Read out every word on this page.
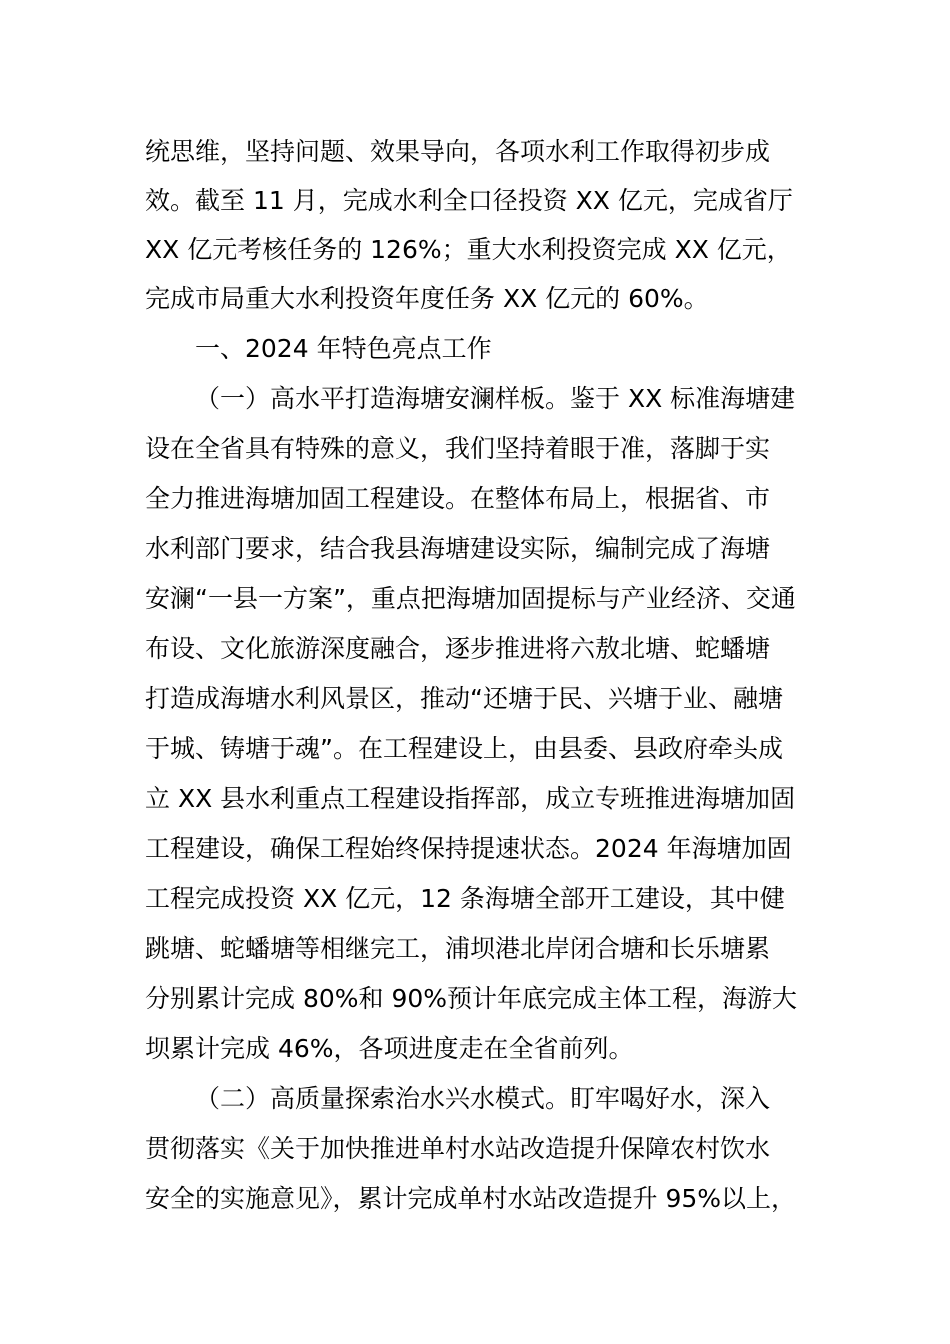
统思维，坚持问题、效果导向，各项水利工作取得初步成
效。截至 11 月，完成水利全口径投资 XX 亿元，完成省厅
XX 亿元考核任务的 126%；重大水利投资完成 XX 亿元，
完成市局重大水利投资年度任务 XX 亿元的 60%。
一、2024 年特色亮点工作
（一）高水平打造海塘安澜样板。鉴于 XX 标准海塘建
设在全省具有特殊的意义，我们坚持着眼于准，落脚于实
全力推进海塘加固工程建设。在整体布局上，根据省、市
水利部门要求，结合我县海塘建设实际，编制完成了海塘
安澜“一县一方案”，重点把海塘加固提标与产业经济、交通
布设、文化旅游深度融合，逐步推进将六敖北塘、蛇蟠塘
打造成海塘水利风景区，推动“还塘于民、兴塘于业、融塘
于城、铸塘于魂”。在工程建设上，由县委、县政府牵头成
立 XX 县水利重点工程建设指挥部，成立专班推进海塘加固
工程建设，确保工程始终保持提速状态。2024 年海塘加固
工程完成投资 XX 亿元，12 条海塘全部开工建设，其中健
跳塘、蛇蟠塘等相继完工，浦坝港北岸闭合塘和长乐塘累
分别累计完成 80%和 90%预计年底完成主体工程，海游大
坝累计完成 46%，各项进度走在全省前列。
（二）高质量探索治水兴水模式。盯牢喝好水，深入
贯彻落实《关于加快推进单村水站改造提升保障农村饮水
安全的实施意见》，累计完成单村水站改造提升 95%以上，
